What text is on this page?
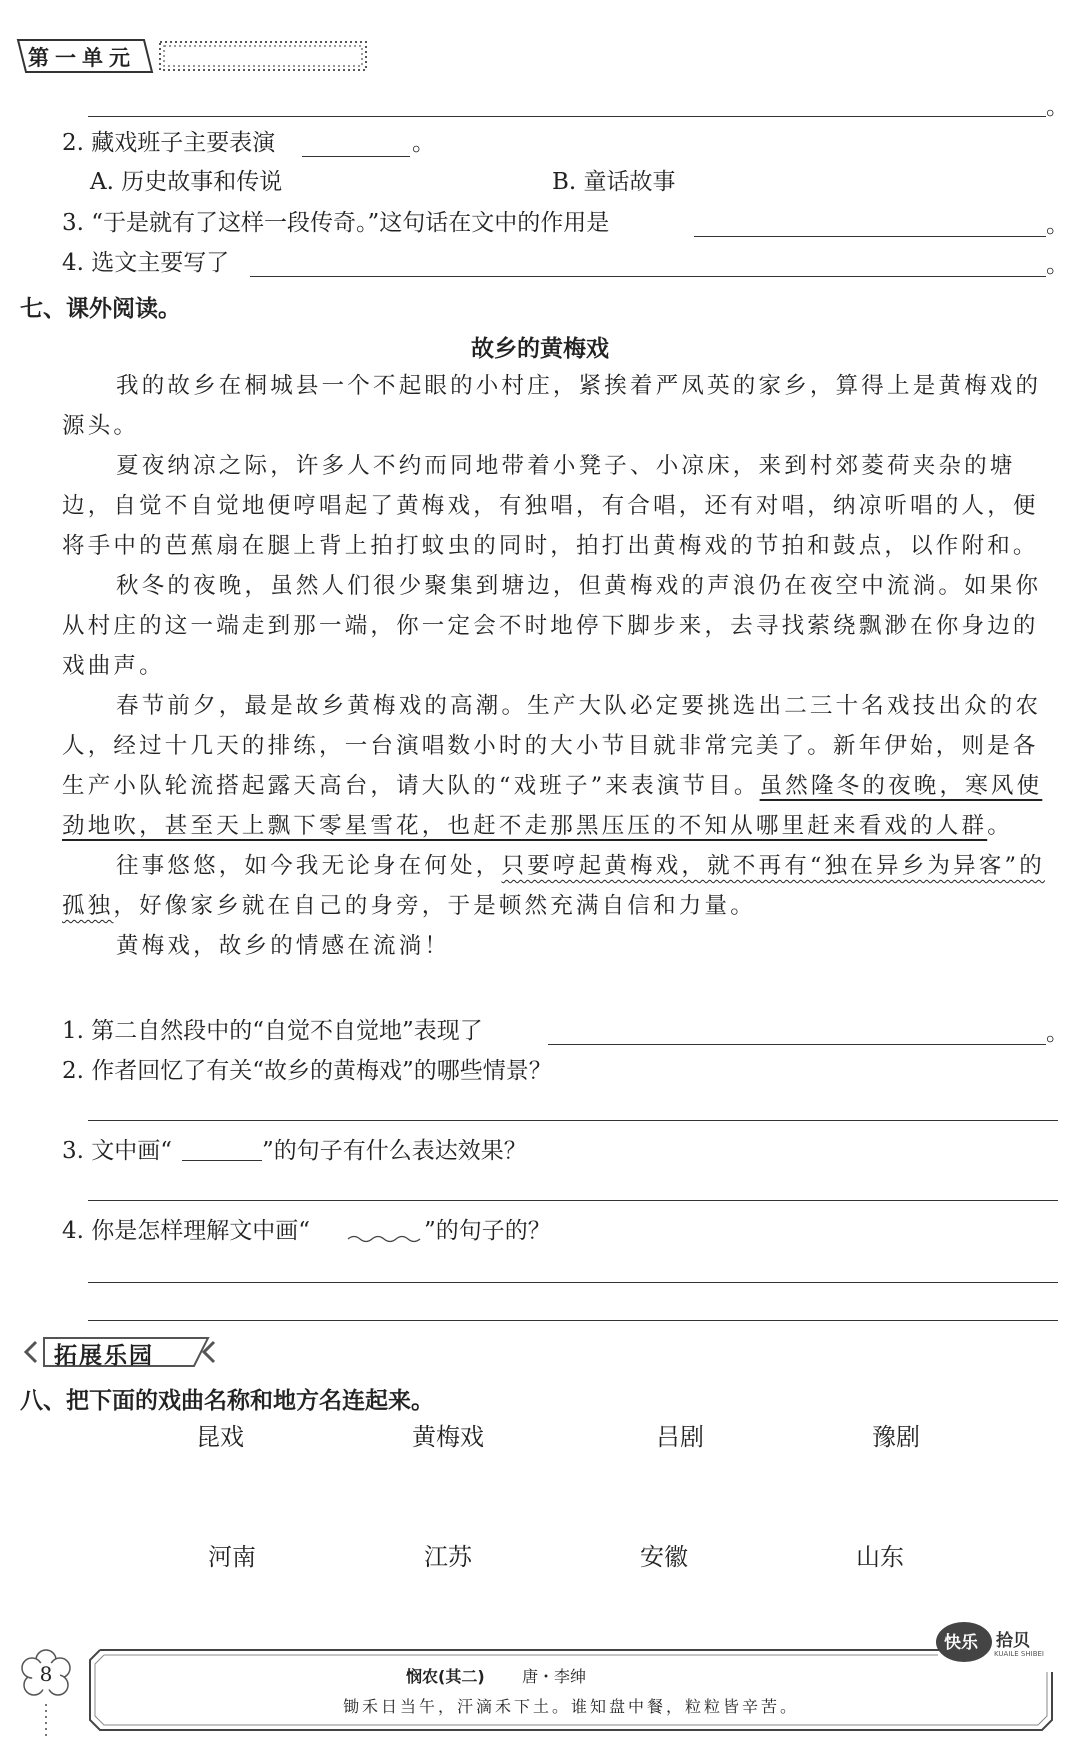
第一单元
。
2. 藏戏班子主要表演	。
A. 历史故事和传说	B. 童话故事
3. “于是就有了这样一段传奇。”这句话在文中的作用是	。
4. 选文主要写了	。
七、课外阅读。
故乡的黄梅戏

我的故乡在桐城县一个不起眼的小村庄，紧挨着严凤英的家乡，算得上是黄梅戏的源头。

夏夜纳凉之际，许多人不约而同地带着小凳子、小凉床，来到村郊菱荷夹杂的塘边，自觉不自觉地便哼唱起了黄梅戏，有独唱，有合唱，还有对唱，纳凉听唱的人，便将手中的芭蕉扇在腿上背上拍打蚊虫的同时，拍打出黄梅戏的节拍和鼓点，以作附和。

秋冬的夜晚，虽然人们很少聚集到塘边，但黄梅戏的声浪仍在夜空中流淌。如果你从村庄的这一端走到那一端，你一定会不时地停下脚步来，去寻找萦绕飘渺在你身边的戏曲声。

春节前夕，最是故乡黄梅戏的高潮。生产大队必定要挑选出二三十名戏技出众的农人，经过十几天的排练，一台演唱数小时的大小节目就非常完美了。新年伊始，则是各生产小队轮流搭起露天高台，请大队的“戏班子”来表演节目。虽然隆冬的夜晚，寒风使劲地吹，甚至天上飘下零星雪花，也赶不走那黑压压的不知从哪里赶来看戏的人群。

往事悠悠，如今我无论身在何处，只要哼起黄梅戏，就不再有“独在异乡为异客”的孤独，好像家乡就在自己的身旁，于是顿然充满自信和力量。

黄梅戏，故乡的情感在流淌！

1. 第二自然段中的“自觉不自觉地”表现了	。
2. 作者回忆了有关“故乡的黄梅戏”的哪些情景？
3. 文中画“	”的句子有什么表达效果？
4. 你是怎样理解文中画“	”的句子的？
拓展乐园
八、把下面的戏曲名称和地方名连起来。
昆戏	黄梅戏	吕剧	豫剧
河南	江苏	安徽	山东
8	悯农(其二) 唐・李绅
锄禾日当午，汗滴禾下土。谁知盘中餐，粒粒皆辛苦。
快乐 拾贝
KUAILE SHIBEI
